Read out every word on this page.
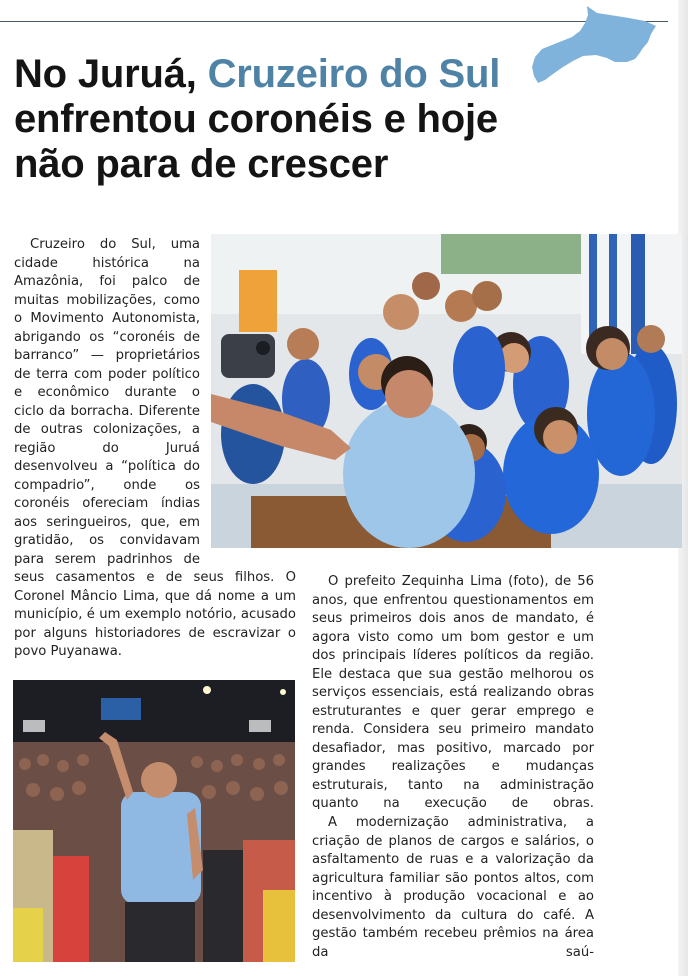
No Juruá, Cruzeiro do Sul
enfrentou coronéis e hoje
não para de crescer
Cruzeiro do Sul, uma cidade histórica na Amazônia, foi palco de muitas mobilizações, como o Movimento Autonomista, abrigando os “coronéis de barranco” — proprietários de terra com poder político e econômico durante o ciclo da borracha. Diferente de outras colonizações, a região do Juruá desenvolveu a “política do compadrio”, onde os coronéis ofereciam índias aos seringueiros, que, em gratidão, os convidavam para serem padrinhos de
seus casamentos e de seus filhos. O Coronel Mâncio Lima, que dá nome a um município, é um exemplo notório, acusado por alguns historiadores de escravizar o povo Puyanawa.
O prefeito Zequinha Lima (foto), de 56 anos, que enfrentou questionamentos em seus primeiros dois anos de mandato, é agora visto como um bom gestor e um dos principais líderes políticos da região. Ele destaca que sua gestão melhorou os serviços essenciais, está realizando obras estruturantes e quer gerar emprego e renda. Considera seu primeiro mandato desafiador, mas positivo, marcado por grandes realizações e mudanças estruturais, tanto na administração quanto na execução de obras.
A modernização administrativa, a criação de planos de cargos e salários, o asfaltamento de ruas e a valorização da agricultura familiar são pontos altos, com incentivo à produção vocacional e ao desenvolvimento da cultura do café. A gestão também recebeu prêmios na área da saú-
